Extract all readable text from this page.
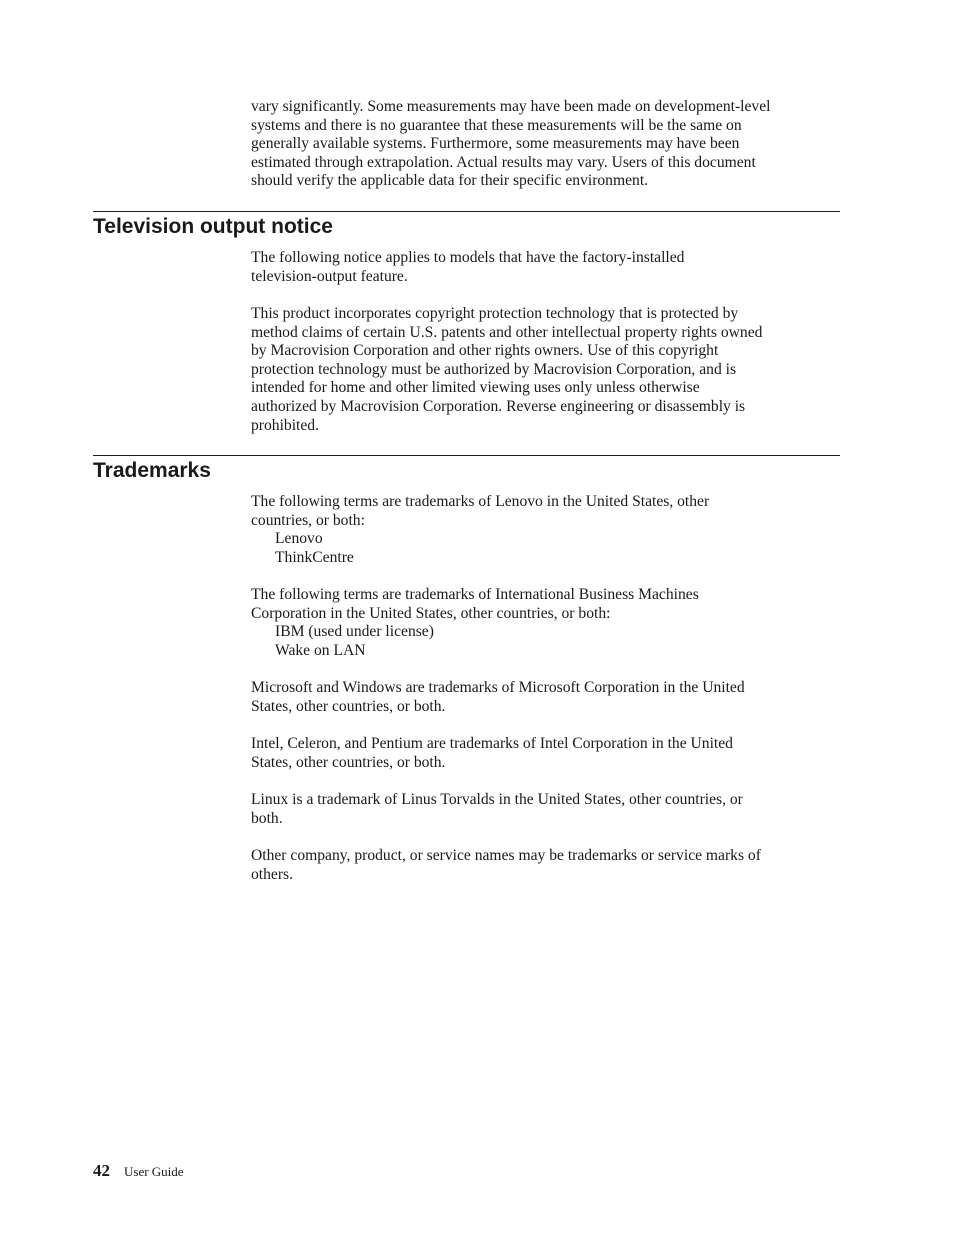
vary significantly. Some measurements may have been made on development-level
systems and there is no guarantee that these measurements will be the same on
generally available systems. Furthermore, some measurements may have been
estimated through extrapolation. Actual results may vary. Users of this document
should verify the applicable data for their specific environment.
Television output notice
The following notice applies to models that have the factory-installed
television-output feature.
This product incorporates copyright protection technology that is protected by
method claims of certain U.S. patents and other intellectual property rights owned
by Macrovision Corporation and other rights owners. Use of this copyright
protection technology must be authorized by Macrovision Corporation, and is
intended for home and other limited viewing uses only unless otherwise
authorized by Macrovision Corporation. Reverse engineering or disassembly is
prohibited.
Trademarks
The following terms are trademarks of Lenovo in the United States, other
countries, or both:
Lenovo
ThinkCentre
The following terms are trademarks of International Business Machines
Corporation in the United States, other countries, or both:
IBM (used under license)
Wake on LAN
Microsoft and Windows are trademarks of Microsoft Corporation in the United
States, other countries, or both.
Intel, Celeron, and Pentium are trademarks of Intel Corporation in the United
States, other countries, or both.
Linux is a trademark of Linus Torvalds in the United States, other countries, or
both.
Other company, product, or service names may be trademarks or service marks of
others.
42 User Guide
